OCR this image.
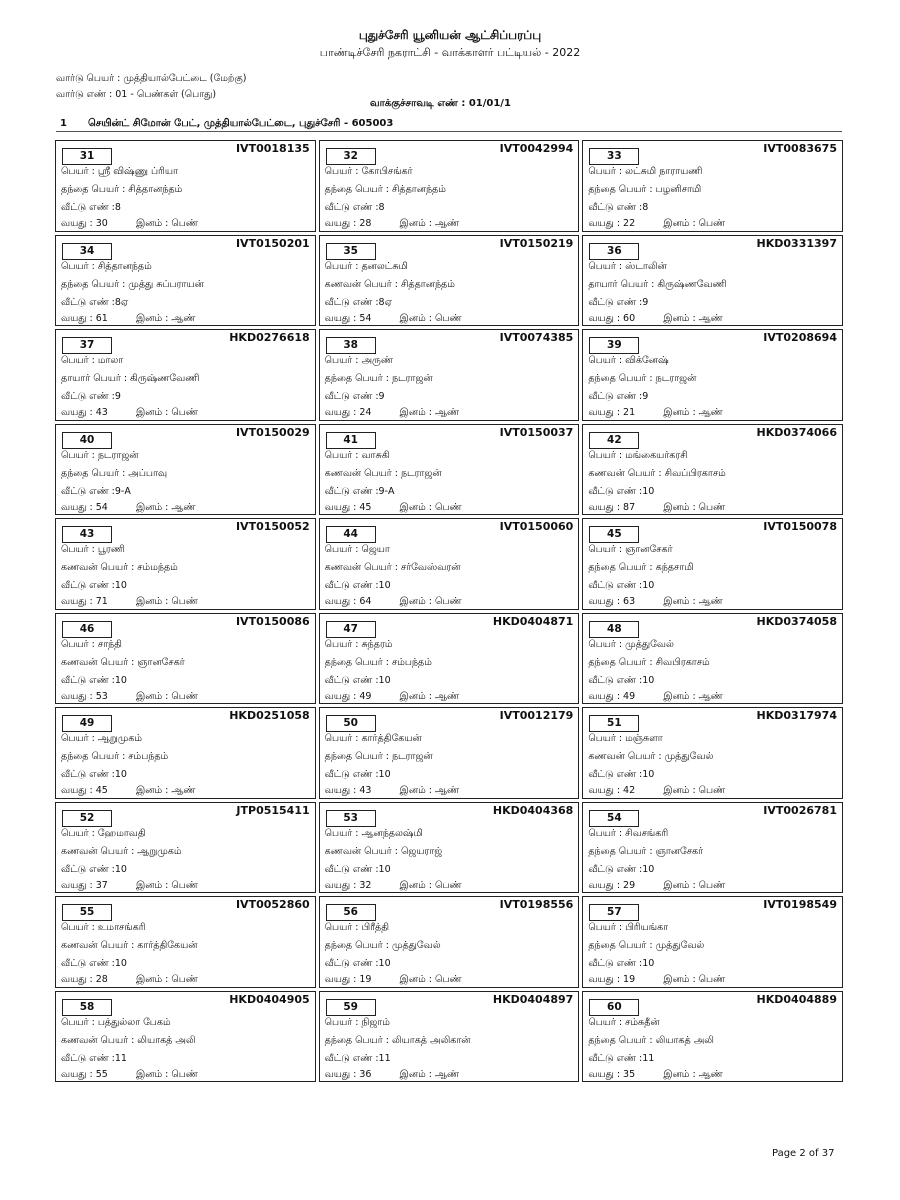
புதுச்சேரி யூனியன் ஆட்சிப்பரப்பு
பாண்டிச்சேரி நகராட்சி - வாக்காளர் பட்டியல் - 2022
வார்டு பெயர் : முத்தியால்பேட்டை (மேற்கு)
வார்டு எண் : 01 - பெண்கள் (பொது)
வாக்குச்சாவடி எண் : 01/01/1
1 செயின்ட் சிமோன் பேட், முத்தியால்பேட்டை, புதுச்சேரி - 605003
31
IVT0018135
பெயர் : ஸ்ரீ விஷ்ணு ப்ரியா
தந்தை பெயர் : சித்தானந்தம்
வீட்டு எண் :8
வயது : 30	இனம் : பெண்
32
IVT0042994
பெயர் : கோபிசங்கர்
தந்தை பெயர் : சித்தானந்தம்
வீட்டு எண் :8
வயது : 28	இனம் : ஆண்
33
IVT0083675
பெயர் : லட்சுமி நாராயணி
தந்தை பெயர் : பழனிசாமி
வீட்டு எண் :8
வயது : 22	இனம் : பெண்
34
IVT0150201
பெயர் : சித்தானந்தம்
தந்தை பெயர் : முத்து சுப்பராயன்
வீட்டு எண் :8ஏ
வயது : 61	இனம் : ஆண்
35
IVT0150219
பெயர் : தனலட்சுமி
கணவன் பெயர் : சித்தானந்தம்
வீட்டு எண் :8ஏ
வயது : 54	இனம் : பெண்
36
HKD0331397
பெயர் : ஸ்டாலின்
தாயார் பெயர் : கிருஷ்ணவேணி
வீட்டு எண் :9
வயது : 60	இனம் : ஆண்
37
HKD0276618
பெயர் : மாலா
தாயார் பெயர் : கிருஷ்ணவேணி
வீட்டு எண் :9
வயது : 43	இனம் : பெண்
38
IVT0074385
பெயர் : அருண்
தந்தை பெயர் : நடராஜன்
வீட்டு எண் :9
வயது : 24	இனம் : ஆண்
39
IVT0208694
பெயர் : விக்னேஷ்
தந்தை பெயர் : நடராஜன்
வீட்டு எண் :9
வயது : 21	இனம் : ஆண்
40
IVT0150029
பெயர் : நடராஜன்
தந்தை பெயர் : அப்பாவு
வீட்டு எண் :9-A
வயது : 54	இனம் : ஆண்
41
IVT0150037
பெயர் : வாசுகி
கணவன் பெயர் : நடராஜன்
வீட்டு எண் :9-A
வயது : 45	இனம் : பெண்
42
HKD0374066
பெயர் : மங்கையர்கரசி
கணவன் பெயர் : சிவப்பிரகாசம்
வீட்டு எண் :10
வயது : 87	இனம் : பெண்
43
IVT0150052
பெயர் : பூரணி
கணவன் பெயர் : சம்மந்தம்
வீட்டு எண் :10
வயது : 71	இனம் : பெண்
44
IVT0150060
பெயர் : ஜெயா
கணவன் பெயர் : சர்வேஸ்வரன்
வீட்டு எண் :10
வயது : 64	இனம் : பெண்
45
IVT0150078
பெயர் : ஞானசேகர்
தந்தை பெயர் : கந்தசாமி
வீட்டு எண் :10
வயது : 63	இனம் : ஆண்
46
IVT0150086
பெயர் : சாந்தி
கணவன் பெயர் : ஞானசேகர்
வீட்டு எண் :10
வயது : 53	இனம் : பெண்
47
HKD0404871
பெயர் : சுந்தரம்
தந்தை பெயர் : சம்பந்தம்
வீட்டு எண் :10
வயது : 49	இனம் : ஆண்
48
HKD0374058
பெயர் : முத்துவேல்
தந்தை பெயர் : சிவபிரகாசம்
வீட்டு எண் :10
வயது : 49	இனம் : ஆண்
49
HKD0251058
பெயர் : ஆறுமுகம்
தந்தை பெயர் : சம்பந்தம்
வீட்டு எண் :10
வயது : 45	இனம் : ஆண்
50
IVT0012179
பெயர் : கார்த்திகேயன்
தந்தை பெயர் : நடராஜன்
வீட்டு எண் :10
வயது : 43	இனம் : ஆண்
51
HKD0317974
பெயர் : மஞ்சுளா
கணவன் பெயர் : முத்துவேல்
வீட்டு எண் :10
வயது : 42	இனம் : பெண்
52
JTP0515411
பெயர் : ஹேமாவதி
கணவன் பெயர் : ஆறுமுகம்
வீட்டு எண் :10
வயது : 37	இனம் : பெண்
53
HKD0404368
பெயர் : ஆனந்தலஷ்மி
கணவன் பெயர் : ஜெயராஜ்
வீட்டு எண் :10
வயது : 32	இனம் : பெண்
54
IVT0026781
பெயர் : சிவசங்கரி
தந்தை பெயர் : ஞானசேகர்
வீட்டு எண் :10
வயது : 29	இனம் : பெண்
55
IVT0052860
பெயர் : உமாசங்கரி
கணவன் பெயர் : கார்த்திகேயன்
வீட்டு எண் :10
வயது : 28	இனம் : பெண்
56
IVT0198556
பெயர் : பிரீத்தி
தந்தை பெயர் : முத்துவேல்
வீட்டு எண் :10
வயது : 19	இனம் : பெண்
57
IVT0198549
பெயர் : பிரியங்கா
தந்தை பெயர் : முத்துவேல்
வீட்டு எண் :10
வயது : 19	இனம் : பெண்
58
HKD0404905
பெயர் : பத்துல்லா பேகம்
கணவன் பெயர் : லியாகத் அலி
வீட்டு எண் :11
வயது : 55	இனம் : பெண்
59
HKD0404897
பெயர் : நிஜாம்
தந்தை பெயர் : லியாகத் அலிகான்
வீட்டு எண் :11
வயது : 36	இனம் : ஆண்
60
HKD0404889
பெயர் : சம்சுதீன்
தந்தை பெயர் : லியாகத் அலி
வீட்டு எண் :11
வயது : 35	இனம் : ஆண்
Page 2 of 37
